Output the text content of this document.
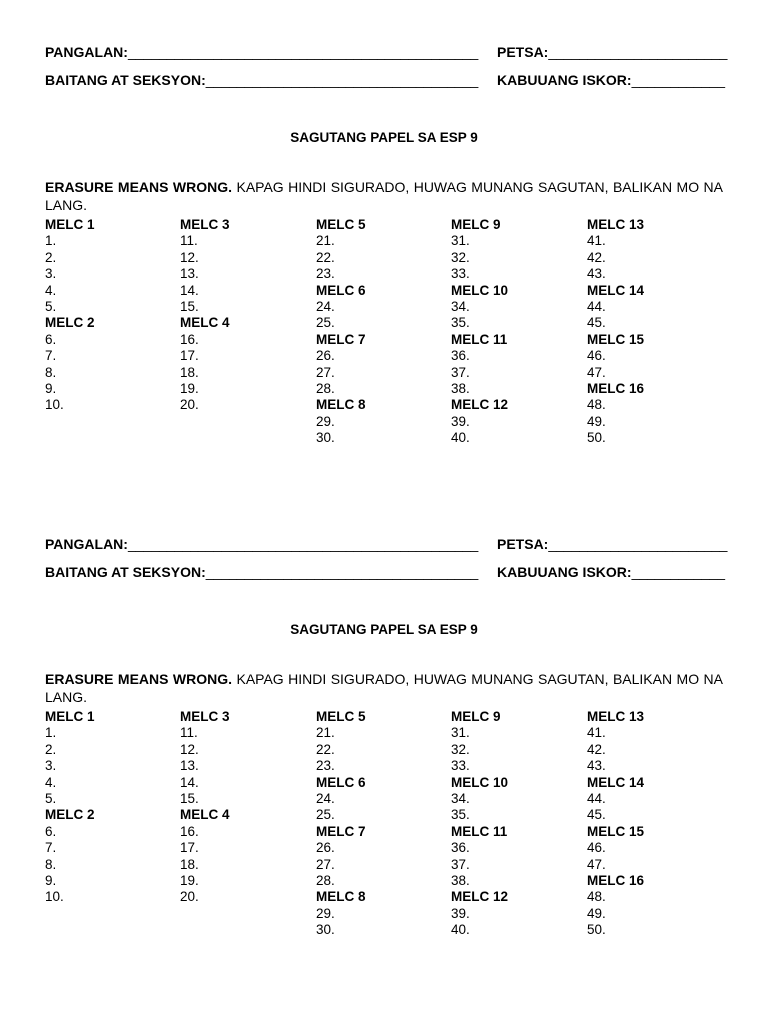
PANGALAN:_____________________________________________ PETSA:_______________________
BAITANG AT SEKSYON:___________________________________ KABUUANG ISKOR:____________
SAGUTANG PAPEL SA ESP 9
ERASURE MEANS WRONG. KAPAG HINDI SIGURADO, HUWAG MUNANG SAGUTAN, BALIKAN MO NA LANG.
MELC 1
1.
2.
3.
4.
5.
MELC 2
6.
7.
8.
9.
10.
MELC 3
11.
12.
13.
14.
15.
MELC 4
16.
17.
18.
19.
20.
MELC 5
21.
22.
23.
MELC 6
24.
25.
MELC 7
26.
27.
28.
MELC 8
29.
30.
MELC 9
31.
32.
33.
MELC 10
34.
35.
MELC 11
36.
37.
38.
MELC 12
39.
40.
MELC 13
41.
42.
43.
MELC 14
44.
45.
MELC 15
46.
47.
MELC 16
48.
49.
50.
PANGALAN:_____________________________________________ PETSA:_______________________
BAITANG AT SEKSYON:___________________________________ KABUUANG ISKOR:____________
SAGUTANG PAPEL SA ESP 9
ERASURE MEANS WRONG. KAPAG HINDI SIGURADO, HUWAG MUNANG SAGUTAN, BALIKAN MO NA LANG.
MELC 1
1.
2.
3.
4.
5.
MELC 2
6.
7.
8.
9.
10.
MELC 3
11.
12.
13.
14.
15.
MELC 4
16.
17.
18.
19.
20.
MELC 5
21.
22.
23.
MELC 6
24.
25.
MELC 7
26.
27.
28.
MELC 8
29.
30.
MELC 9
31.
32.
33.
MELC 10
34.
35.
MELC 11
36.
37.
38.
MELC 12
39.
40.
MELC 13
41.
42.
43.
MELC 14
44.
45.
MELC 15
46.
47.
MELC 16
48.
49.
50.
